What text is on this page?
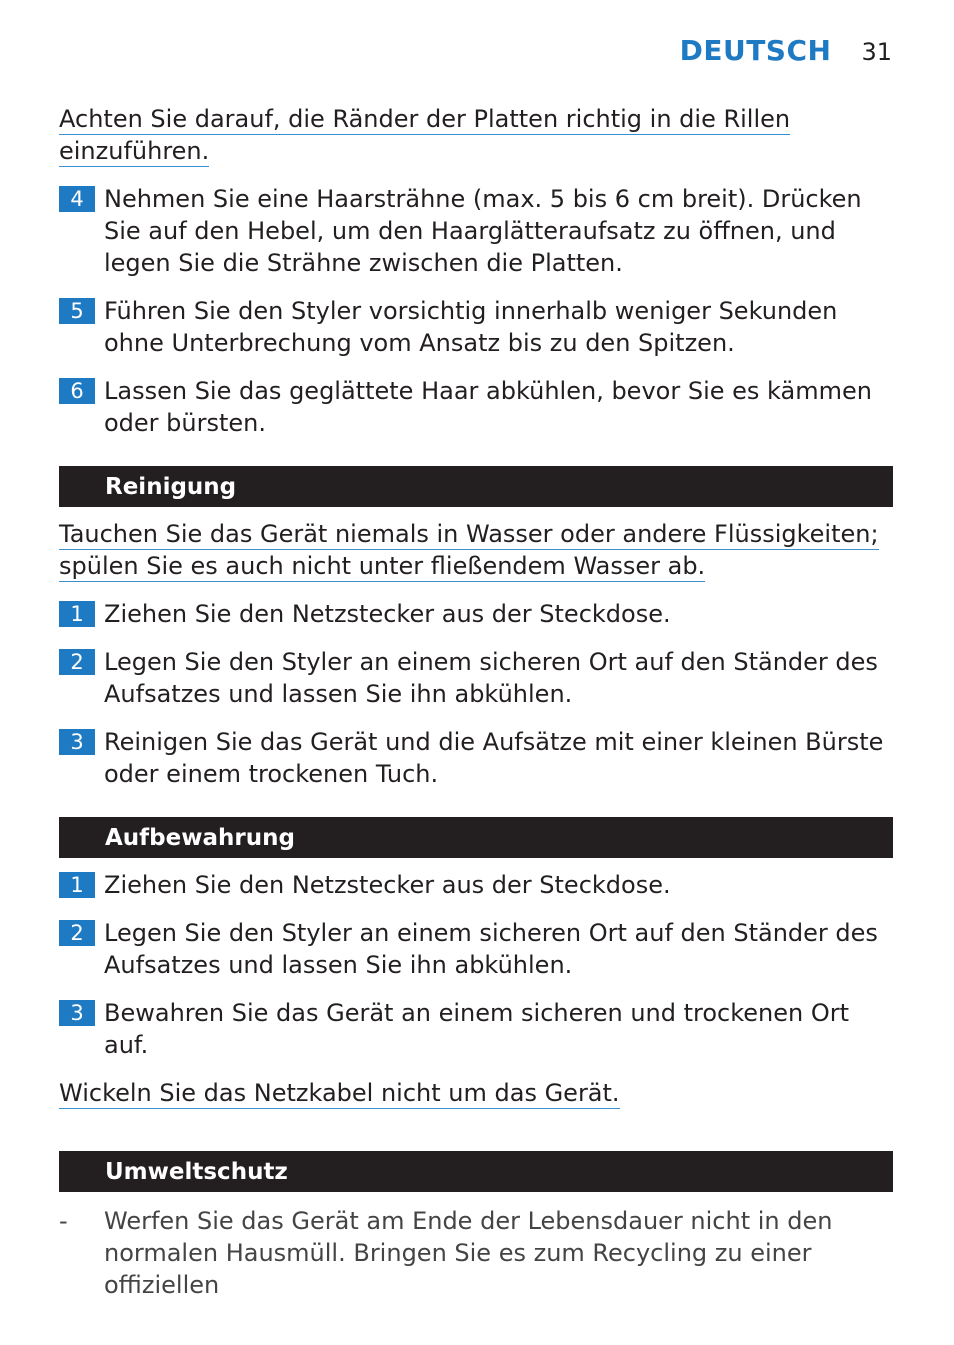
DEUTSCH 31

Achten Sie darauf, die Ränder der Platten richtig in die Rillen
einzuführen.

4 Nehmen Sie eine Haarsträhne (max. 5 bis 6 cm breit). Drücken Sie auf den Hebel, um den Haarglätteraufsatz zu öffnen, und legen Sie die Strähne zwischen die Platten.
5 Führen Sie den Styler vorsichtig innerhalb weniger Sekunden ohne Unterbrechung vom Ansatz bis zu den Spitzen.
6 Lassen Sie das geglättete Haar abkühlen, bevor Sie es kämmen oder bürsten.
Reinigung

Tauchen Sie das Gerät niemals in Wasser oder andere Flüssigkeiten;
spülen Sie es auch nicht unter fließendem Wasser ab.

1 Ziehen Sie den Netzstecker aus der Steckdose.
2 Legen Sie den Styler an einem sicheren Ort auf den Ständer des Aufsatzes und lassen Sie ihn abkühlen.
3 Reinigen Sie das Gerät und die Aufsätze mit einer kleinen Bürste oder einem trockenen Tuch.
Aufbewahrung
1 Ziehen Sie den Netzstecker aus der Steckdose.
2 Legen Sie den Styler an einem sicheren Ort auf den Ständer des Aufsatzes und lassen Sie ihn abkühlen.
3 Bewahren Sie das Gerät an einem sicheren und trockenen Ort auf.

Wickeln Sie das Netzkabel nicht um das Gerät.

Umweltschutz
-	Werfen Sie das Gerät am Ende der Lebensdauer nicht in den normalen Hausmüll. Bringen Sie es zum Recycling zu einer offiziellen
